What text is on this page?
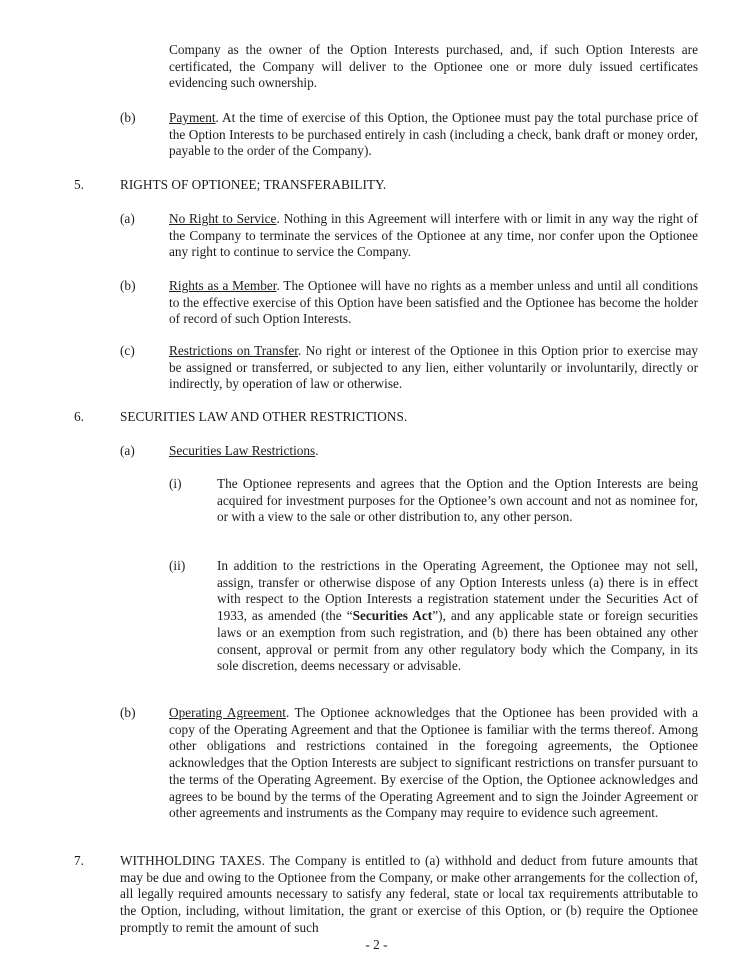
Company as the owner of the Option Interests purchased, and, if such Option Interests are certificated, the Company will deliver to the Optionee one or more duly issued certificates evidencing such ownership.
(b)	Payment. At the time of exercise of this Option, the Optionee must pay the total purchase price of the Option Interests to be purchased entirely in cash (including a check, bank draft or money order, payable to the order of the Company).
5.	RIGHTS OF OPTIONEE; TRANSFERABILITY.
(a)	No Right to Service. Nothing in this Agreement will interfere with or limit in any way the right of the Company to terminate the services of the Optionee at any time, nor confer upon the Optionee any right to continue to service the Company.
(b)	Rights as a Member. The Optionee will have no rights as a member unless and until all conditions to the effective exercise of this Option have been satisfied and the Optionee has become the holder of record of such Option Interests.
(c)	Restrictions on Transfer. No right or interest of the Optionee in this Option prior to exercise may be assigned or transferred, or subjected to any lien, either voluntarily or involuntarily, directly or indirectly, by operation of law or otherwise.
6.	SECURITIES LAW AND OTHER RESTRICTIONS.
(a)	Securities Law Restrictions.
(i)	The Optionee represents and agrees that the Option and the Option Interests are being acquired for investment purposes for the Optionee’s own account and not as nominee for, or with a view to the sale or other distribution to, any other person.
(ii) In addition to the restrictions in the Operating Agreement, the Optionee may not sell, assign, transfer or otherwise dispose of any Option Interests unless (a) there is in effect with respect to the Option Interests a registration statement under the Securities Act of 1933, as amended (the “Securities Act”), and any applicable state or foreign securities laws or an exemption from such registration, and (b) there has been obtained any other consent, approval or permit from any other regulatory body which the Company, in its sole discretion, deems necessary or advisable.
(b)	Operating Agreement. The Optionee acknowledges that the Optionee has been provided with a copy of the Operating Agreement and that the Optionee is familiar with the terms thereof. Among other obligations and restrictions contained in the foregoing agreements, the Optionee acknowledges that the Option Interests are subject to significant restrictions on transfer pursuant to the terms of the Operating Agreement. By exercise of the Option, the Optionee acknowledges and agrees to be bound by the terms of the Operating Agreement and to sign the Joinder Agreement or other agreements and instruments as the Company may require to evidence such agreement.
7.	WITHHOLDING TAXES. The Company is entitled to (a) withhold and deduct from future amounts that may be due and owing to the Optionee from the Company, or make other arrangements for the collection of, all legally required amounts necessary to satisfy any federal, state or local tax requirements attributable to the Option, including, without limitation, the grant or exercise of this Option, or (b) require the Optionee promptly to remit the amount of such
- 2 -
